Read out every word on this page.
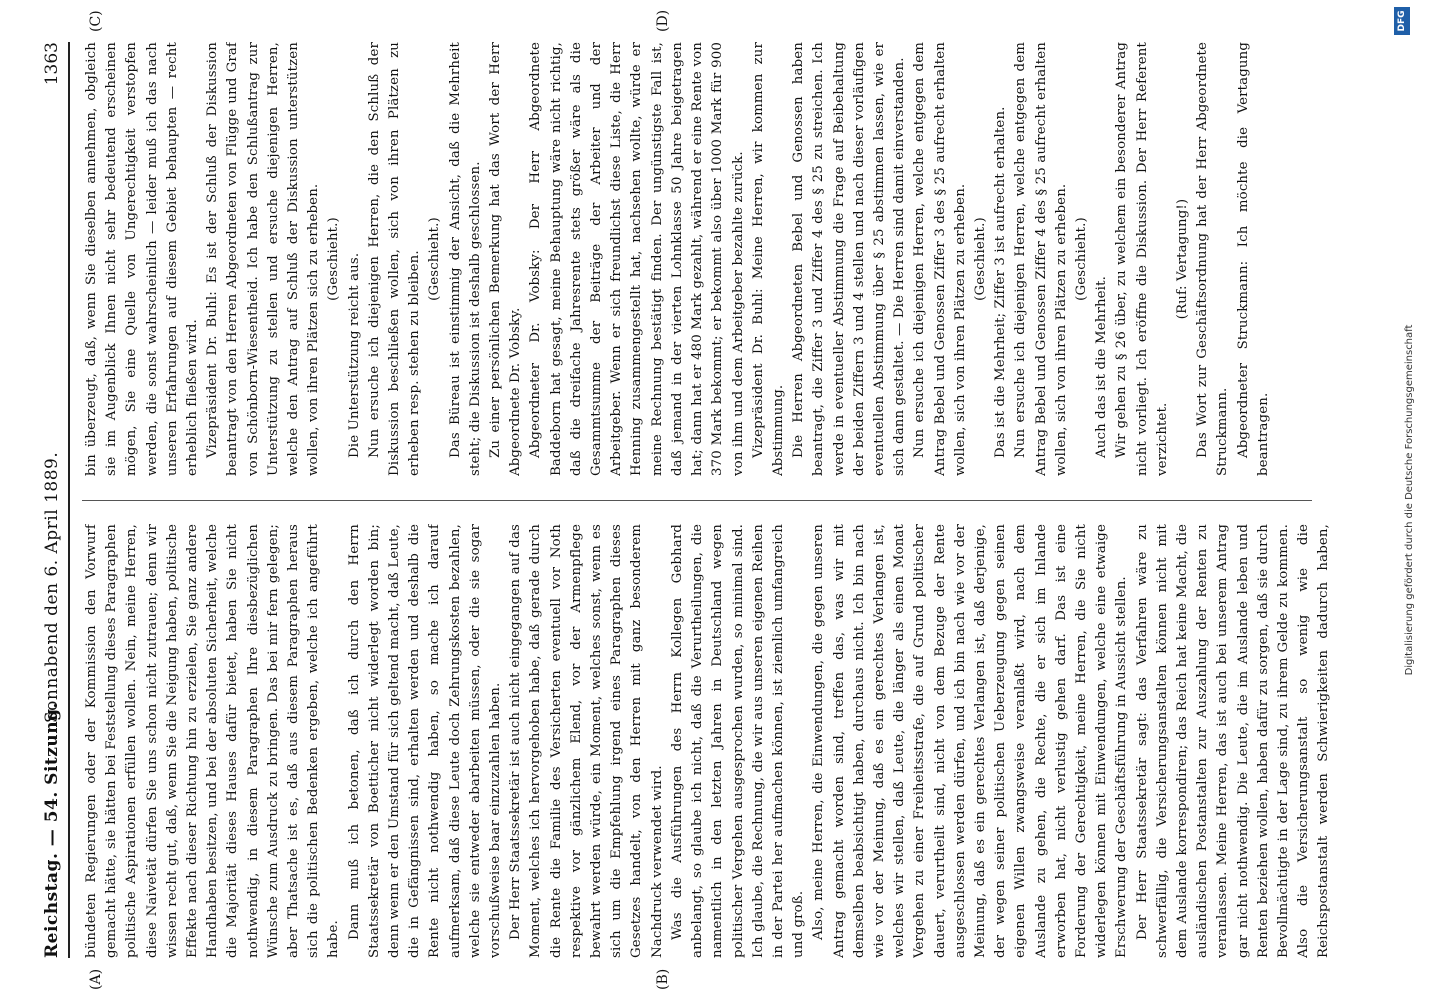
Reichstag. — 54. Sitzung.
Sonnabend den 6. April 1889.
1363
(A)	(B)
(C)	(D)

bündeten Regierungen oder der Kommission den Vorwurf gemacht hätte, sie hätten bei Feststellung dieses Paragraphen politische Aspirationen erfüllen wollen. Nein, meine Herren, diese Naivetät dürfen Sie uns schon nicht zutrauen; denn wir wissen recht gut, daß, wenn Sie die Neigung haben, politische Effekte nach dieser Richtung hin zu erzielen, Sie ganz andere Handhaben besitzen, und bei der absoluten Sicherheit, welche die Majorität dieses Hauses dafür bietet, haben Sie nicht nothwendig, in diesem Paragraphen Ihre diesbezüglichen Wünsche zum Ausdruck zu bringen. Das bei mir fern gelegen; aber Thatsache ist es, daß aus diesem Paragraphen heraus sich die politischen Bedenken ergeben, welche ich angeführt habe. Dann muß ich betonen, daß ich durch den Herrn Staatssekretär von Boetticher nicht widerlegt worden bin; denn wenn er den Umstand für sich geltend macht, daß Leute, die in Gefängnissen sind, erhalten werden und deshalb die Rente nicht nothwendig haben, so mache ich darauf aufmerksam, daß diese Leute doch Zehrungskosten bezahlen, welche sie entweder abarbeiten müssen, oder die sie sogar vorschußweise baar einzuzahlen haben. Der Herr Staatssekretär ist auch nicht eingegangen auf das Moment, welches ich hervorgehoben habe, daß gerade durch die Rente die Familie des Versicherten eventuell vor Noth respektive vor gänzlichem Elend, vor der Armenpflege bewahrt werden würde, ein Moment, welches sonst, wenn es sich um die Empfehlung irgend eines Paragraphen dieses Gesetzes handelt, von den Herren mit ganz besonderem Nachdruck verwendet wird. Was die Ausführungen des Herrn Kollegen Gebhard anbelangt, so glaube ich nicht, daß die Verurtheilungen, die namentlich in den letzten Jahren in Deutschland wegen politischer Vergehen ausgesprochen wurden, so minimal sind. Ich glaube, die Rechnung, die wir aus unseren eigenen Reihen in der Partei her aufmachen können, ist ziemlich umfangreich und groß. Also, meine Herren, die Einwendungen, die gegen unseren Antrag gemacht worden sind, treffen das, was wir mit demselben beabsichtigt haben, durchaus nicht. Ich bin nach wie vor der Meinung, daß es ein gerechtes Verlangen ist, welches wir stellen, daß Leute, die länger als einen Monat Vergehen zu einer Freiheitsstrafe, die auf Grund politischer dauert, verurtheilt sind, nicht von dem Bezuge der Rente ausgeschlossen werden dürfen, und ich bin nach wie vor der Meinung, daß es ein gerechtes Verlangen ist, daß derjenige, der wegen seiner politischen Ueberzeugung gegen seinen eigenen Willen zwangsweise veranlaßt wird, nach dem Auslande zu gehen, die Rechte, die er sich im Inlande erworben hat, nicht verlustig gehen darf. Das ist eine Forderung der Gerechtigkeit, meine Herren, die Sie nicht widerlegen können mit Einwendungen, welche eine etwaige Erschwerung der Geschäftsführung in Aussicht stellen. Der Herr Staatssekretär sagt: das Verfahren wäre zu schwerfällig, die Versicherungsanstalten können nicht mit dem Auslande korrespondiren; das Reich hat keine Macht, die ausländischen Postanstalten zur Auszahlung der Renten zu veranlassen. Meine Herren, das ist auch bei unserem Antrag gar nicht nothwendig. Die Leute, die im Auslande leben und Renten beziehen wollen, haben dafür zu sorgen, daß sie durch Bevollmächtigte in der Lage sind, zu ihrem Gelde zu kommen. Also die Versicherungsanstalt so wenig wie die Reichspostanstalt werden Schwierigkeiten dadurch haben,

bin überzeugt, daß, wenn Sie dieselben annehmen, obgleich sie im Augenblick Ihnen nicht sehr bedeutend erscheinen mögen, Sie eine Quelle von Ungerechtigkeit verstopfen werden, die sonst wahrscheinlich — leider muß ich das nach unseren Erfahrungen auf diesem Gebiet behaupten — recht erheblich fließen wird. Vizepräsident Dr. Buhl: Es ist der Schluß der Diskussion beantragt von den Herren Abgeordneten von Flügge und Graf von Schönborn-Wiesentheid. Ich habe den Schlußantrag zur Unterstützung zu stellen und ersuche diejenigen Herren, welche den Antrag auf Schluß der Diskussion unterstützen wollen, von ihren Plätzen sich zu erheben. (Geschieht.) Die Unterstützung reicht aus. Nun ersuche ich diejenigen Herren, die den Schluß der Diskussion beschließen wollen, sich von ihren Plätzen zu erheben resp. stehen zu bleiben. (Geschieht.) Das Büreau ist einstimmig der Ansicht, daß die Mehrheit steht; die Diskussion ist deshalb geschlossen. Zu einer persönlichen Bemerkung hat das Wort der Herr Abgeordnete Dr. Vobsky. Abgeordneter Dr. Vobsky: Der Herr Abgeordnete Baddeborn hat gesagt, meine Behauptung wäre nicht richtig, daß die dreifache Jahresrente stets größer wäre als die Gesammtsumme der Beiträge der Arbeiter und der Arbeitgeber. Wenn er sich freundlichst diese Liste, die Herr Henning zusammengestellt hat, nachsehen wollte, würde er meine Rechnung bestätigt finden. Der ungünstigste Fall ist, daß jemand in der vierten Lohnklasse 50 Jahre beigetragen hat; dann hat er 480 Mark gezahlt, während er eine Rente von 370 Mark bekommt; er bekommt also über 1000 Mark für 900 von ihm und dem Arbeitgeber bezahlte zurück. Vizepräsident Dr. Buhl: Meine Herren, wir kommen zur Abstimmung. Die Herren Abgeordneten Bebel und Genossen haben beantragt, die Ziffer 3 und Ziffer 4 des § 25 zu streichen. Ich werde in eventueller Abstimmung die Frage auf Beibehaltung der beiden Ziffern 3 und 4 stellen und nach dieser vorläufigen eventuellen Abstimmung über § 25 abstimmen lassen, wie er sich dann gestaltet. — Die Herren sind damit einverstanden. Nun ersuche ich diejenigen Herren, welche entgegen dem Antrag Bebel und Genossen Ziffer 3 des § 25 aufrecht erhalten wollen, sich von ihren Plätzen zu erheben. (Geschieht.) Das ist die Mehrheit; Ziffer 3 ist aufrecht erhalten. Nun ersuche ich diejenigen Herren, welche entgegen dem Antrag Bebel und Genossen Ziffer 4 des § 25 aufrecht erhalten wollen, sich von ihren Plätzen zu erheben. (Geschieht.)

Auch das ist die Mehrheit. Wir gehen zu § 26 über, zu welchem ein besonderer Antrag nicht vorliegt. Ich eröffne die Diskussion. Der Herr Referent verzichtet.

(Ruf: Vertagung!) Das Wort zur Geschäftsordnung hat der Herr Abgeordnete Struckmann. Abgeordneter Struckmann: Ich möchte die Vertagung beantragen.	Digitalisierung gefördert durch die Deutsche Forschungsgemeinschaft
DFG
